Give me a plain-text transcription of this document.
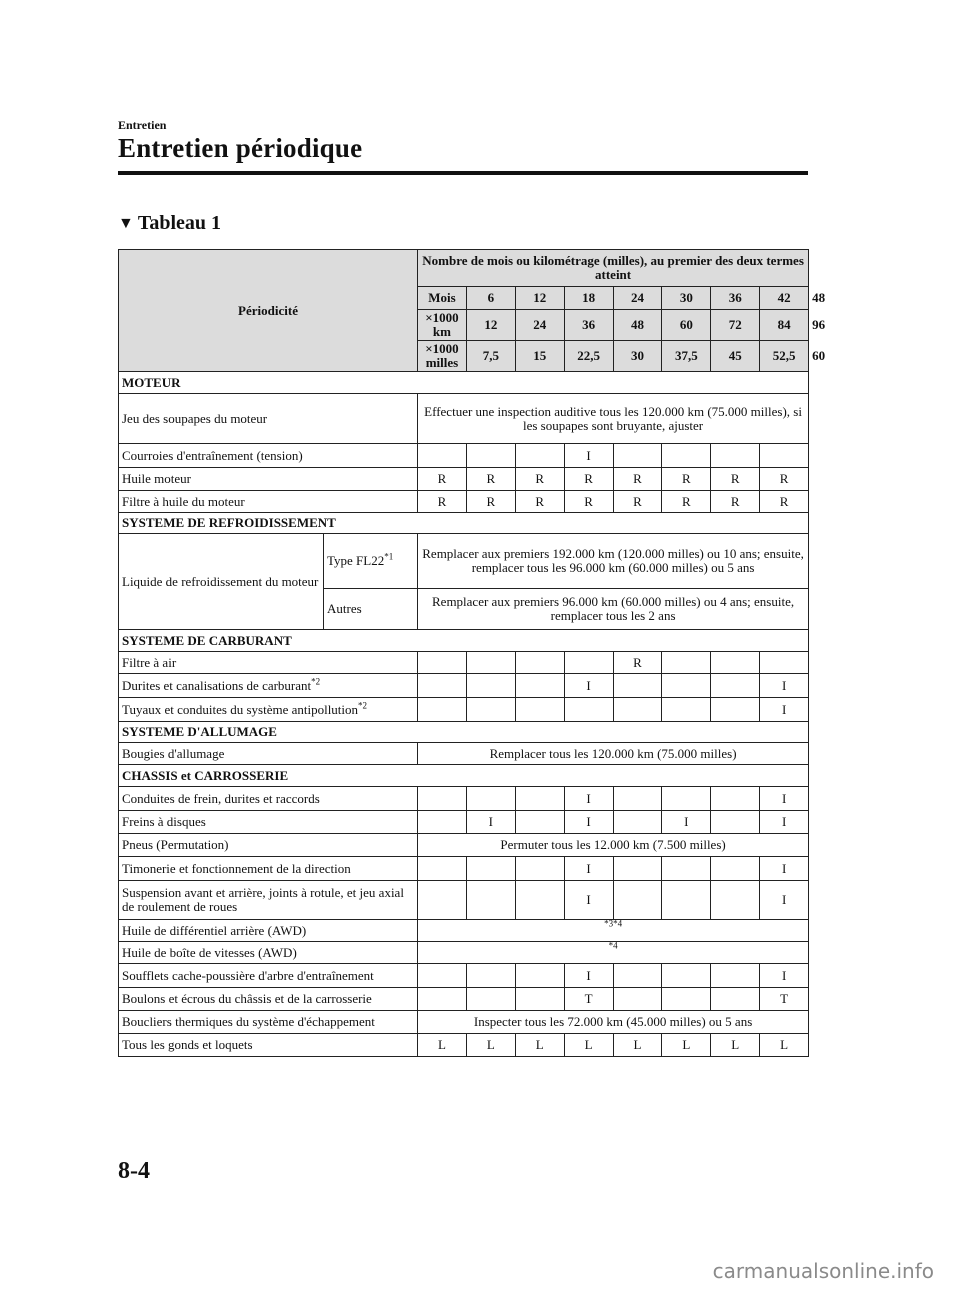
Entretien
Entretien périodique
▼ Tableau 1
Périodicité		Nombre de mois ou kilométrage (milles), au premier des deux termes atteint								
		Mois	6	12	18	24	30	36	42	48
		×1000 km	12	24	36	48	60	72	84	96
		×1000 milles	7,5	15	22,5	30	37,5	45	52,5	60
MOTEUR										
Jeu des soupapes du moteur		Effectuer une inspection auditive tous les 120.000 km (75.000 milles), si les soupapes sont bruyante, ajuster								
Courroies d'entraînement (tension)					I					
Huile moteur		R	R	R	R	R	R	R	R	
Filtre à huile du moteur		R	R	R	R	R	R	R	R	
SYSTEME DE REFROIDISSEMENT										
Liquide de refroidissement du moteur	Type FL22$^{*1}$	Remplacer aux premiers 192.000 km (120.000 milles) ou 10 ans; ensuite, remplacer tous les 96.000 km (60.000 milles) ou 5 ans								
	Autres	Remplacer aux premiers 96.000 km (60.000 milles) ou 4 ans; ensuite, remplacer tous les 2 ans								
SYSTEME DE CARBURANT										
Filtre à air						R				
Durites et canalisations de carburant$^{*2}$					I				I	
Tuyaux et conduites du système antipollution$^{*2}$									I	
SYSTEME D'ALLUMAGE										
Bougies d'allumage		Remplacer tous les 120.000 km (75.000 milles)								
CHASSIS et CARROSSERIE										
Conduites de frein, durites et raccords					I				I	
Freins à disques			I		I		I		I	
Pneus (Permutation)		Permuter tous les 12.000 km (7.500 milles)								
Timonerie et fonctionnement de la direction					I				I	
Suspension avant et arrière, joints à rotule, et jeu axial de roulement de roues					I				I	
Huile de différentiel arrière (AWD)		$^{*3*4}$
Huile de boîte de vitesses (AWD)		$^{*4}$
Soufflets cache-poussière d'arbre d'entraînement					I				I	
Boulons et écrous du châssis et de la carrosserie					T				T	
Boucliers thermiques du système d'échappement		Inspecter tous les 72.000 km (45.000 milles) ou 5 ans								
Tous les gonds et loquets		L	L	L	L	L	L	L	L	
8-4
carmanualsonline.info
